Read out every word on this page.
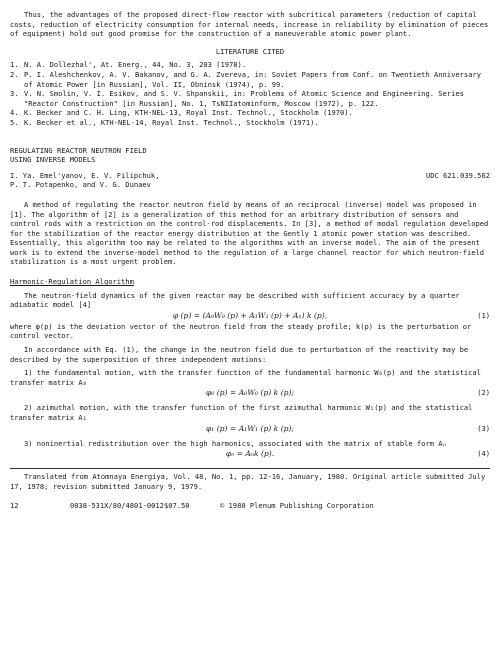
Thus, the advantages of the proposed direct-flow reactor with subcritical parameters (reduction of capital costs, reduction of electricity consumption for internal needs, increase in reliability by elimination of pieces of equipment) hold out good promise for the construction of a maneuverable atomic power plant.

LITERATURE CITED

1. N. A. Dollezhal', At. Energ., 44, No. 3, 203 (1978).
2. P. I. Aleshchenkov, A. V. Bakanov, and G. A. Zvereva, in: Soviet Papers from Conf. on Twentieth Anniversary of Atomic Power [in Russian], Vol. II, Obninsk (1974), p. 99.
3. V. N. Smolin, V. I. Esikov, and S. V. Shpanskii, in: Problems of Atomic Science and Engineering. Series "Reactor Construction" [in Russian], No. 1, TsNIIatominform, Moscow (1972), p. 122.
4. K. Becker and C. H. Ling, KTH-NEL-13, Royal Inst. Technol., Stockholm (1970).
5. K. Becker et al., KTH-NEL-14, Royal Inst. Technol., Stockholm (1971).

REGULATING REACTOR NEUTRON FIELD

USING INVERSE MODELS

I. Ya. Emel'yanov, E. V. Filipchuk,

P. T. Potapenko, and V. G. Dunaev

UDC 621.039.562

A method of regulating the reactor neutron field by means of an reciprocal (inverse) model was proposed in [1]. The algorithm of [2] is a generalization of this method for an arbitrary distribution of sensors and control rods with a restriction on the control-rod displacements. In [3], a method of modal regulation developed for the stabilization of the reactor energy distribution at the Gently 1 atomic power station was described. Essentially, this algorithm too may be related to the algorithms with an inverse model. The aim of the present work is to extend the inverse-model method to the regulation of a large channel reactor for which neutron-field stabilization is a most urgent problem.

Harmonic-Regulation Algorithm

The neutron-field dynamics of the given reactor may be described with sufficient accuracy by a quarter adiabatic model [4]

φ (p) = (A₀W₀ (p) + A₁W₁ (p) + Aₙ) k (p),	(1)

where φ(p) is the deviation vector of the neutron field from the steady profile; k(p) is the perturbation or control vector.

In accordance with Eq. (1), the change in the neutron field due to perturbation of the reactivity may be described by the superposition of three independent motions:

1) the fundamental motion, with the transfer function of the fundamental harmonic W₀(p) and the statistical transfer matrix A₀

φ₀ (p) = A₀W₀ (p) k (p);	(2)

2) azimuthal motion, with the transfer function of the first azimuthal harmonic W₁(p) and the statistical transfer matrix A₁

φ₁ (p) = A₁W₁ (p) k (p);	(3)

3) noninertial redistribution over the high harmonics, associated with the matrix of stable form Aₙ

φₙ = Aₙk (p).	(4)

Translated from Atomnaya Energiya, Vol. 48, No. 1, pp. 12-16, January, 1980. Original article submitted July 17, 1978; revision submitted January 9, 1979.

12	0038-531X/80/4801-0012$07.50	© 1980 Plenum Publishing Corporation
